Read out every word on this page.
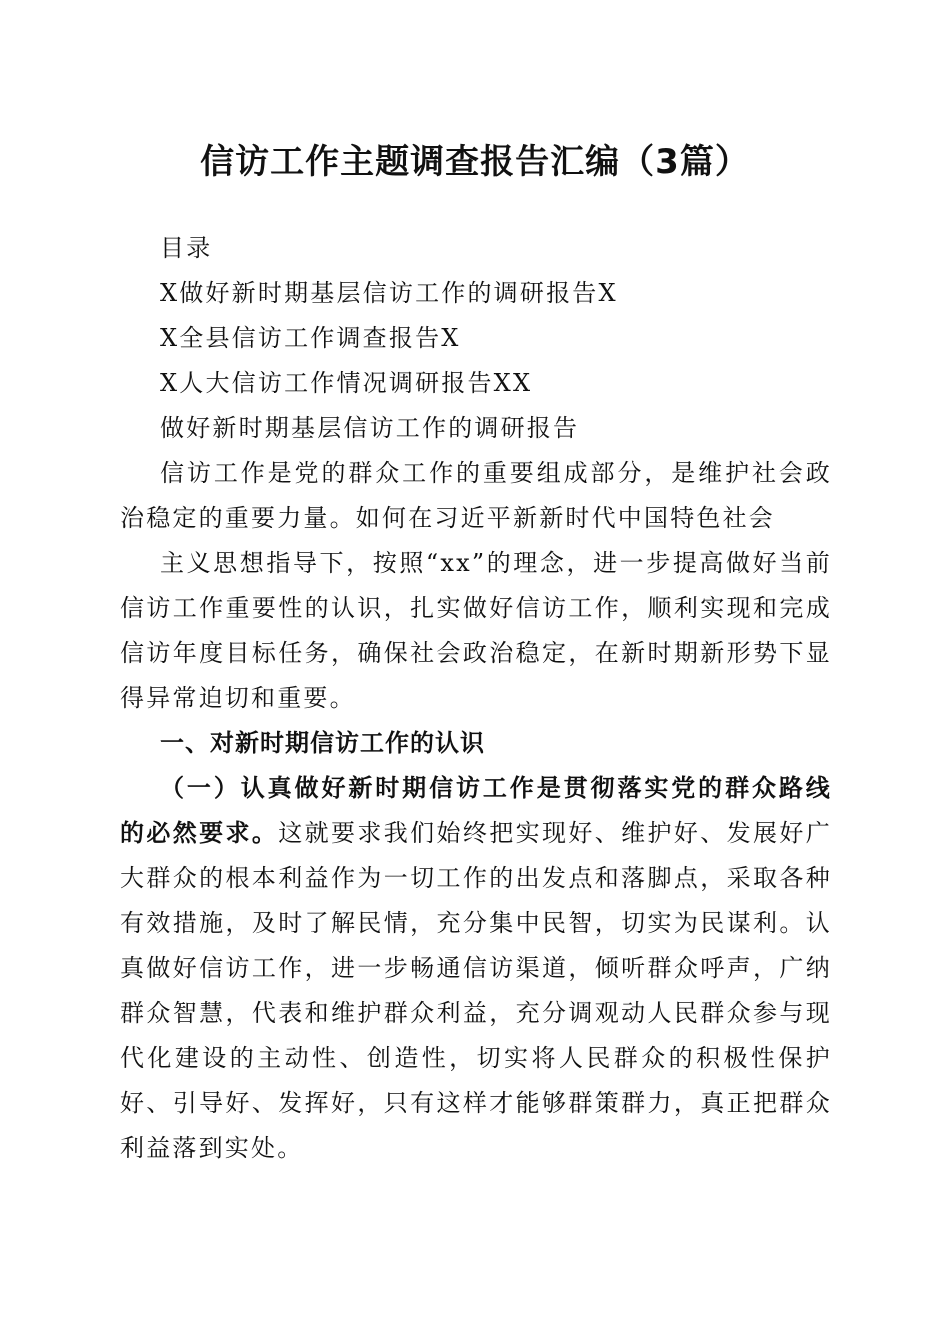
信访工作主题调查报告汇编（3篇）

目录

X做好新时期基层信访工作的调研报告X

X全县信访工作调查报告X

X人大信访工作情况调研报告XX

做好新时期基层信访工作的调研报告

信访工作是党的群众工作的重要组成部分，是维护社会政治稳定的重要力量。如何在习近平新新时代中国特色社会

主义思想指导下，按照“xx”的理念，进一步提高做好当前信访工作重要性的认识，扎实做好信访工作，顺利实现和完成信访年度目标任务，确保社会政治稳定，在新时期新形势下显得异常迫切和重要。

一、对新时期信访工作的认识

（一）认真做好新时期信访工作是贯彻落实党的群众路线的必然要求。这就要求我们始终把实现好、维护好、发展好广大群众的根本利益作为一切工作的出发点和落脚点，采取各种有效措施，及时了解民情，充分集中民智，切实为民谋利。认真做好信访工作，进一步畅通信访渠道，倾听群众呼声，广纳群众智慧，代表和维护群众利益，充分调观动人民群众参与现代化建设的主动性、创造性，切实将人民群众的积极性保护好、引导好、发挥好，只有这样才能够群策群力，真正把群众利益落到实处。
